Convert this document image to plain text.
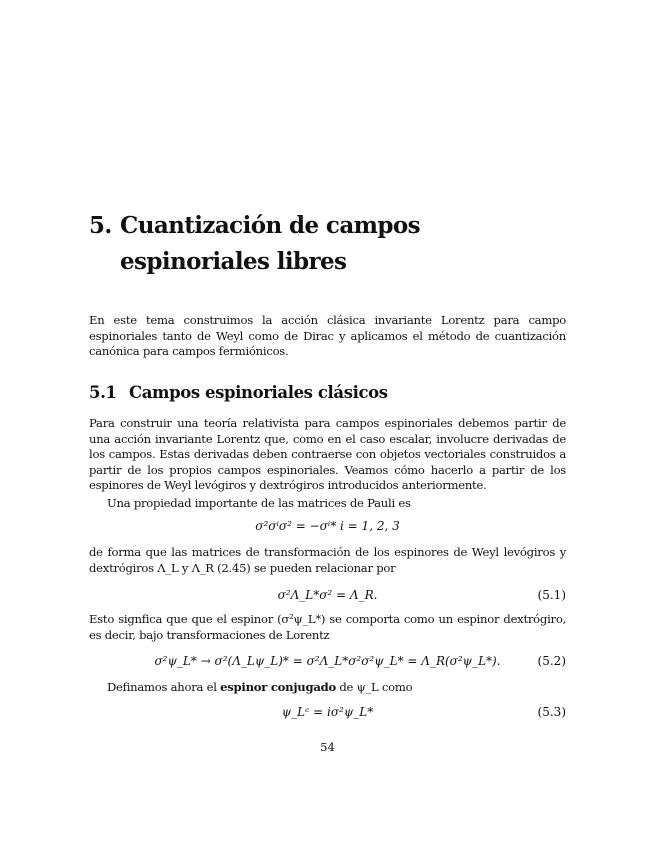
5. Cuantización de campos espinoriales libres
En este tema construimos la acción clásica invariante Lorentz para campo espinoriales tanto de Weyl como de Dirac y aplicamos el método de cuantización canónica para campos fermiónicos.
5.1 Campos espinoriales clásicos
Para construir una teoría relativista para campos espinoriales debemos partir de una acción invariante Lorentz que, como en el caso escalar, involucre derivadas de los campos. Estas derivadas deben contraerse con objetos vectoriales construidos a partir de los propios campos espinoriales. Veamos cómo hacerlo a partir de los espinores de Weyl levógiros y dextrógiros introducidos anteriormente.
Una propiedad importante de las matrices de Pauli es
σ²σⁱσ² = −σⁱ* i = 1, 2, 3
de forma que las matrices de transformación de los espinores de Weyl levógiros y dextrógiros Λ_L y Λ_R (2.45) se pueden relacionar por
σ²Λ_L*σ² = Λ_R.	(5.1)
Esto signfica que que el espinor (σ²ψ_L*) se comporta como un espinor dextrógiro, es decir, bajo transformaciones de Lorentz
σ²ψ_L* → σ²(Λ_Lψ_L)* = σ²Λ_L*σ²σ²ψ_L* = Λ_R(σ²ψ_L*).	(5.2)
Definamos ahora el espinor conjugado de ψ_L como
ψ_Lᶜ = iσ²ψ_L*	(5.3)
54
